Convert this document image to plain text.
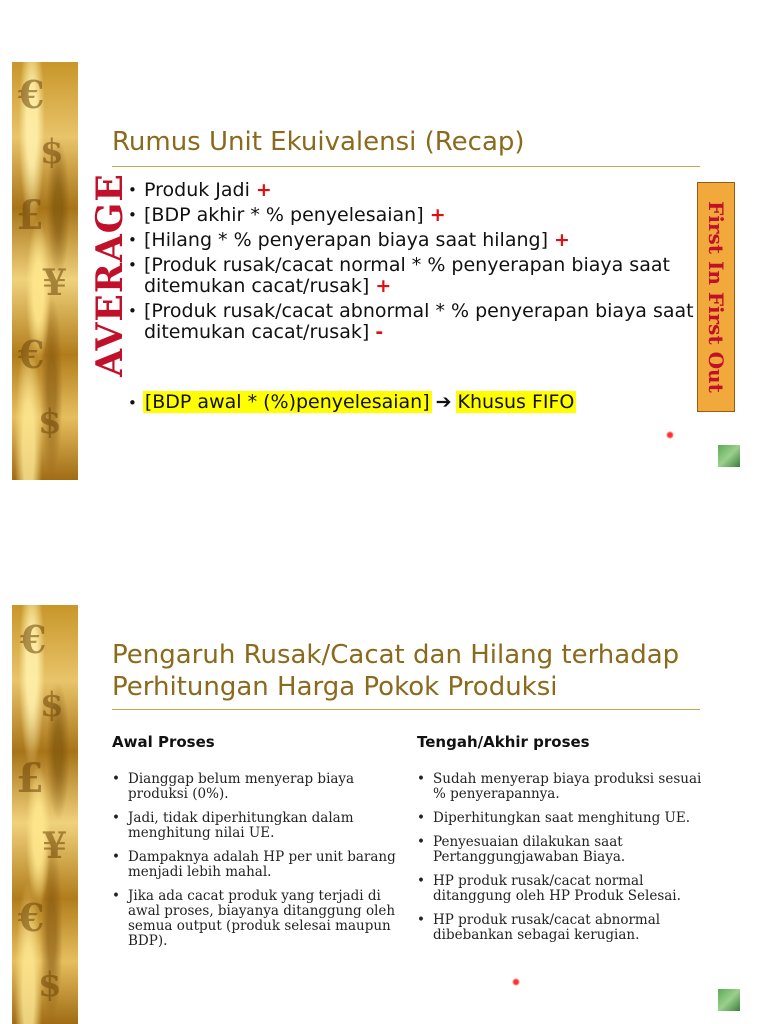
€
$
£
¥
€
$
Rumus Unit Ekuivalensi (Recap)
AVERAGE
• Produk Jadi +
• [BDP akhir * % penyelesaian] +
• [Hilang * % penyerapan biaya saat hilang] +
• [Produk rusak/cacat normal * % penyerapan biaya saat ditemukan cacat/rusak] +
• [Produk rusak/cacat abnormal * % penyerapan biaya saat ditemukan cacat/rusak] -
• [BDP awal * (%)penyelesaian] ➔ Khusus FIFO
First In First Out
€
$
£
¥
€
$
Pengaruh Rusak/Cacat dan Hilang terhadap
Perhitungan Harga Pokok Produksi
Awal Proses
• Dianggap belum menyerap biaya produksi (0%).
• Jadi, tidak diperhitungkan dalam menghitung nilai UE.
• Dampaknya adalah HP per unit barang menjadi lebih mahal.
• Jika ada cacat produk yang terjadi di awal proses, biayanya ditanggung oleh semua output (produk selesai maupun BDP).
Tengah/Akhir proses
• Sudah menyerap biaya produksi sesuai % penyerapannya.
• Diperhitungkan saat menghitung UE.
• Penyesuaian dilakukan saat Pertanggungjawaban Biaya.
• HP produk rusak/cacat normal ditanggung oleh HP Produk Selesai.
• HP produk rusak/cacat abnormal dibebankan sebagai kerugian.
